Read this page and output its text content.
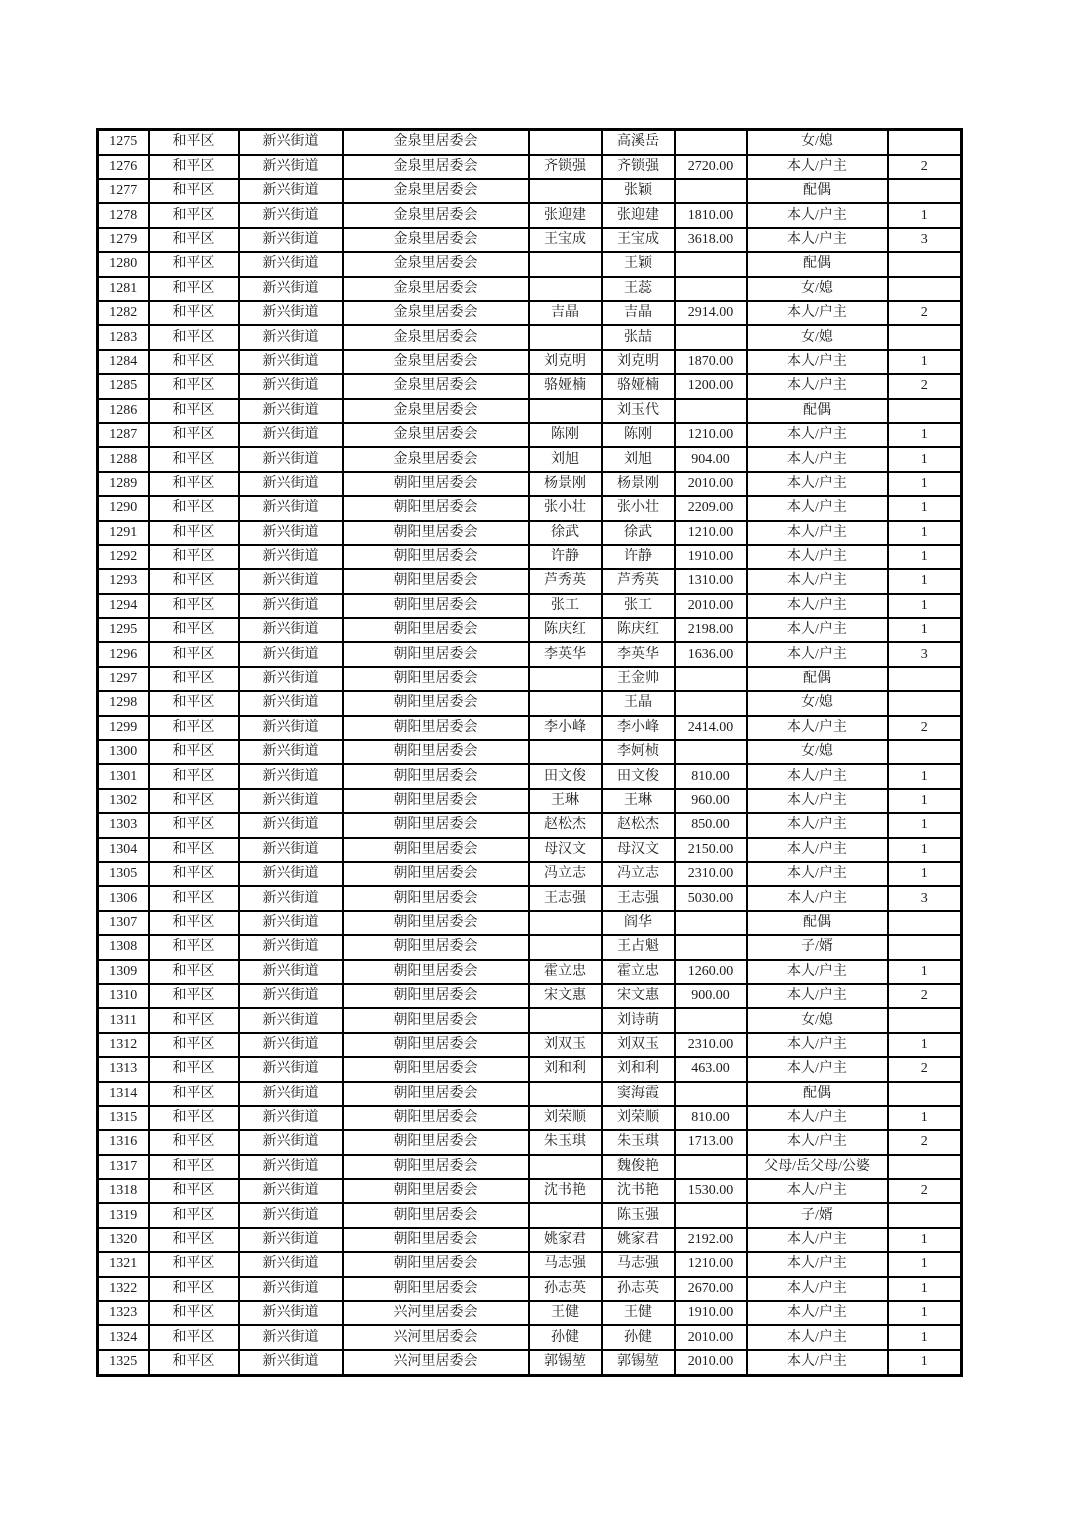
1275	和平区	新兴街道	金泉里居委会		高溪岳		女/媳	
1276	和平区	新兴街道	金泉里居委会	齐锁强	齐锁强	2720.00	本人/户主	2
1277	和平区	新兴街道	金泉里居委会		张颖		配偶	
1278	和平区	新兴街道	金泉里居委会	张迎建	张迎建	1810.00	本人/户主	1
1279	和平区	新兴街道	金泉里居委会	王宝成	王宝成	3618.00	本人/户主	3
1280	和平区	新兴街道	金泉里居委会		王颖		配偶	
1281	和平区	新兴街道	金泉里居委会		王蕊		女/媳	
1282	和平区	新兴街道	金泉里居委会	吉晶	吉晶	2914.00	本人/户主	2
1283	和平区	新兴街道	金泉里居委会		张喆		女/媳	
1284	和平区	新兴街道	金泉里居委会	刘克明	刘克明	1870.00	本人/户主	1
1285	和平区	新兴街道	金泉里居委会	骆娅楠	骆娅楠	1200.00	本人/户主	2
1286	和平区	新兴街道	金泉里居委会		刘玉代		配偶	
1287	和平区	新兴街道	金泉里居委会	陈刚	陈刚	1210.00	本人/户主	1
1288	和平区	新兴街道	金泉里居委会	刘旭	刘旭	904.00	本人/户主	1
1289	和平区	新兴街道	朝阳里居委会	杨景刚	杨景刚	2010.00	本人/户主	1
1290	和平区	新兴街道	朝阳里居委会	张小壮	张小壮	2209.00	本人/户主	1
1291	和平区	新兴街道	朝阳里居委会	徐武	徐武	1210.00	本人/户主	1
1292	和平区	新兴街道	朝阳里居委会	许静	许静	1910.00	本人/户主	1
1293	和平区	新兴街道	朝阳里居委会	芦秀英	芦秀英	1310.00	本人/户主	1
1294	和平区	新兴街道	朝阳里居委会	张工	张工	2010.00	本人/户主	1
1295	和平区	新兴街道	朝阳里居委会	陈庆红	陈庆红	2198.00	本人/户主	1
1296	和平区	新兴街道	朝阳里居委会	李英华	李英华	1636.00	本人/户主	3
1297	和平区	新兴街道	朝阳里居委会		王金帅		配偶	
1298	和平区	新兴街道	朝阳里居委会		王晶		女/媳	
1299	和平区	新兴街道	朝阳里居委会	李小峰	李小峰	2414.00	本人/户主	2
1300	和平区	新兴街道	朝阳里居委会		李妸桢		女/媳	
1301	和平区	新兴街道	朝阳里居委会	田文俊	田文俊	810.00	本人/户主	1
1302	和平区	新兴街道	朝阳里居委会	王琳	王琳	960.00	本人/户主	1
1303	和平区	新兴街道	朝阳里居委会	赵松杰	赵松杰	850.00	本人/户主	1
1304	和平区	新兴街道	朝阳里居委会	母汉文	母汉文	2150.00	本人/户主	1
1305	和平区	新兴街道	朝阳里居委会	冯立志	冯立志	2310.00	本人/户主	1
1306	和平区	新兴街道	朝阳里居委会	王志强	王志强	5030.00	本人/户主	3
1307	和平区	新兴街道	朝阳里居委会		阎华		配偶	
1308	和平区	新兴街道	朝阳里居委会		王占魁		子/婿	
1309	和平区	新兴街道	朝阳里居委会	霍立忠	霍立忠	1260.00	本人/户主	1
1310	和平区	新兴街道	朝阳里居委会	宋文惠	宋文惠	900.00	本人/户主	2
1311	和平区	新兴街道	朝阳里居委会		刘诗萌		女/媳	
1312	和平区	新兴街道	朝阳里居委会	刘双玉	刘双玉	2310.00	本人/户主	1
1313	和平区	新兴街道	朝阳里居委会	刘和利	刘和利	463.00	本人/户主	2
1314	和平区	新兴街道	朝阳里居委会		窦海霞		配偶	
1315	和平区	新兴街道	朝阳里居委会	刘荣顺	刘荣顺	810.00	本人/户主	1
1316	和平区	新兴街道	朝阳里居委会	朱玉琪	朱玉琪	1713.00	本人/户主	2
1317	和平区	新兴街道	朝阳里居委会		魏俊艳		父母/岳父母/公婆	
1318	和平区	新兴街道	朝阳里居委会	沈书艳	沈书艳	1530.00	本人/户主	2
1319	和平区	新兴街道	朝阳里居委会		陈玉强		子/婿	
1320	和平区	新兴街道	朝阳里居委会	姚家君	姚家君	2192.00	本人/户主	1
1321	和平区	新兴街道	朝阳里居委会	马志强	马志强	1210.00	本人/户主	1
1322	和平区	新兴街道	朝阳里居委会	孙志英	孙志英	2670.00	本人/户主	1
1323	和平区	新兴街道	兴河里居委会	王健	王健	1910.00	本人/户主	1
1324	和平区	新兴街道	兴河里居委会	孙健	孙健	2010.00	本人/户主	1
1325	和平区	新兴街道	兴河里居委会	郭锡堃	郭锡堃	2010.00	本人/户主	1
